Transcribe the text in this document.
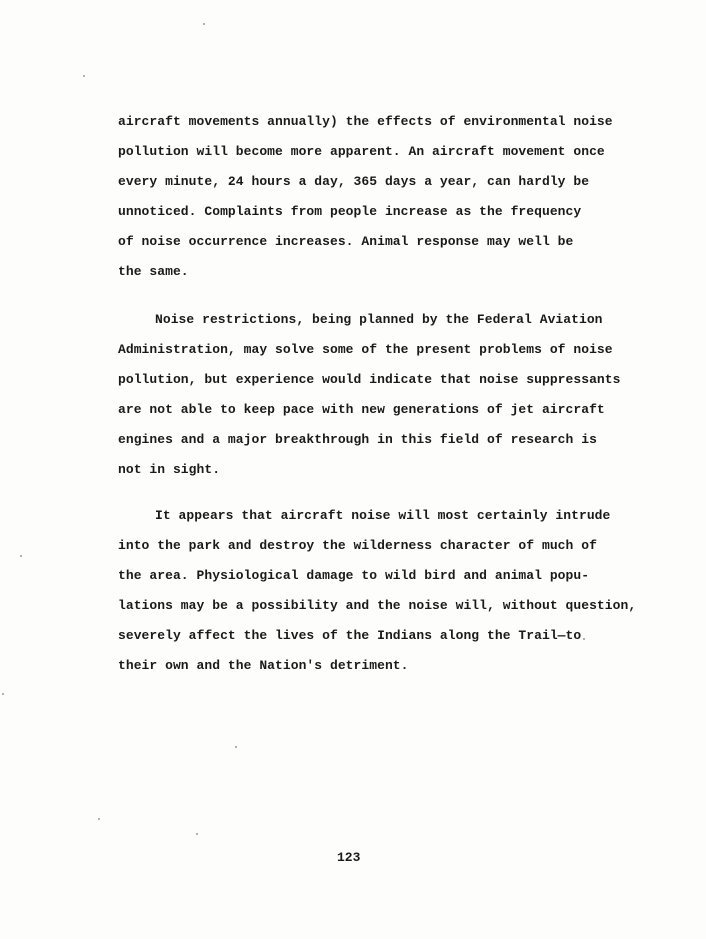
aircraft movements annually) the effects of environmental noise
pollution will become more apparent. An aircraft movement once
every minute, 24 hours a day, 365 days a year, can hardly be
unnoticed. Complaints from people increase as the frequency
of noise occurrence increases. Animal response may well be
the same.
Noise restrictions, being planned by the Federal Aviation
Administration, may solve some of the present problems of noise
pollution, but experience would indicate that noise suppressants
are not able to keep pace with new generations of jet aircraft
engines and a major breakthrough in this field of research is
not in sight.
It appears that aircraft noise will most certainly intrude
into the park and destroy the wilderness character of much of
the area. Physiological damage to wild bird and animal popu-
lations may be a possibility and the noise will, without question,
severely affect the lives of the Indians along the Trail—to
their own and the Nation's detriment.
123
